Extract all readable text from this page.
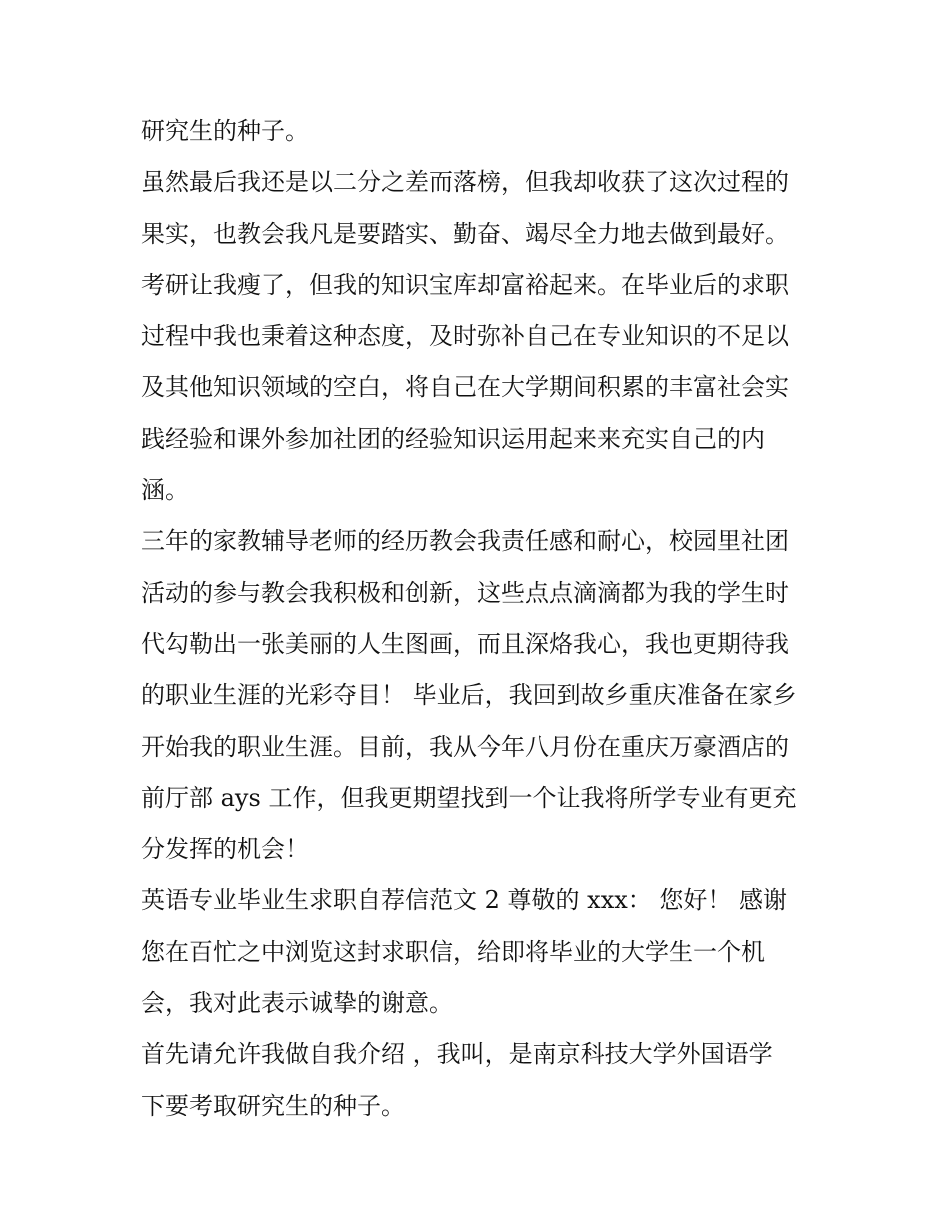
研究生的种子。
虽然最后我还是以二分之差而落榜，但我却收获了这次过程的
果实，也教会我凡是要踏实、勤奋、竭尽全力地去做到最好。
考研让我瘦了，但我的知识宝库却富裕起来。在毕业后的求职
过程中我也秉着这种态度，及时弥补自己在专业知识的不足以
及其他知识领域的空白，将自己在大学期间积累的丰富社会实
践经验和课外参加社团的经验知识运用起来来充实自己的内
涵。
三年的家教辅导老师的经历教会我责任感和耐心，校园里社团
活动的参与教会我积极和创新，这些点点滴滴都为我的学生时
代勾勒出一张美丽的人生图画，而且深烙我心，我也更期待我
的职业生涯的光彩夺目！ 毕业后，我回到故乡重庆准备在家乡
开始我的职业生涯。目前，我从今年八月份在重庆万豪酒店的
前厅部 ays 工作，但我更期望找到一个让我将所学专业有更充
分发挥的机会！
英语专业毕业生求职自荐信范文 2 尊敬的 xxx： 您好！ 感谢
您在百忙之中浏览这封求职信，给即将毕业的大学生一个机
会，我对此表示诚挚的谢意。
首先请允许我做自我介绍 ，我叫，是南京科技大学外国语学
下要考取研究生的种子。
